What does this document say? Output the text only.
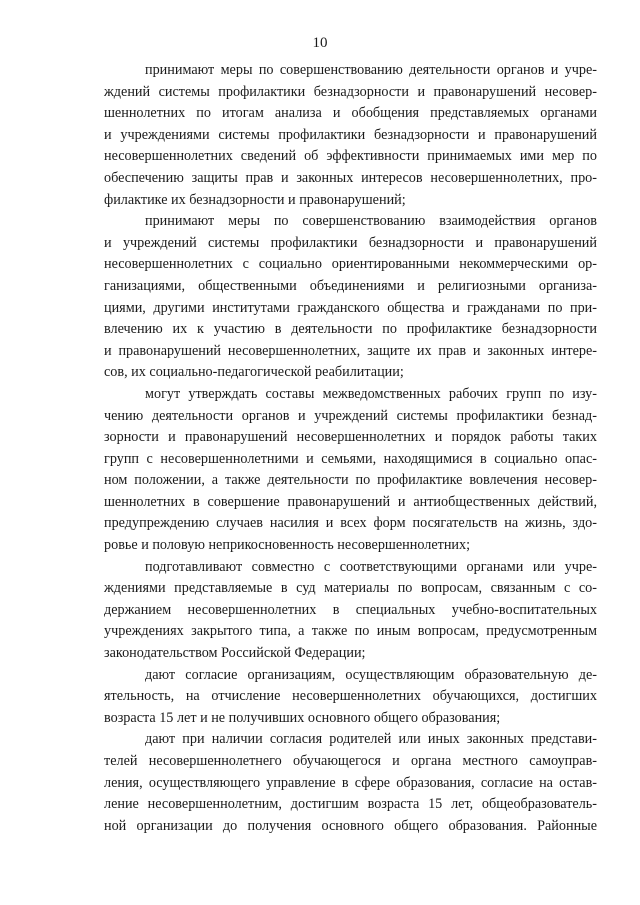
10
принимают меры по совершенствованию деятельности органов и учре-
ждений системы профилактики безнадзорности и правонарушений несовер-
шеннолетних по итогам анализа и обобщения представляемых органами
и учреждениями системы профилактики безнадзорности и правонарушений
несовершеннолетних сведений об эффективности принимаемых ими мер по
обеспечению защиты прав и законных интересов несовершеннолетних, про-
филактике их безнадзорности и правонарушений;
принимают меры по совершенствованию взаимодействия органов
и учреждений системы профилактики безнадзорности и правонарушений
несовершеннолетних с социально ориентированными некоммерческими ор-
ганизациями, общественными объединениями и религиозными организа-
циями, другими институтами гражданского общества и гражданами по при-
влечению их к участию в деятельности по профилактике безнадзорности
и правонарушений несовершеннолетних, защите их прав и законных интере-
сов, их социально-педагогической реабилитации;
могут утверждать составы межведомственных рабочих групп по изу-
чению деятельности органов и учреждений системы профилактики безнад-
зорности и правонарушений несовершеннолетних и порядок работы таких
групп с несовершеннолетними и семьями, находящимися в социально опас-
ном положении, а также деятельности по профилактике вовлечения несовер-
шеннолетних в совершение правонарушений и антиобщественных действий,
предупреждению случаев насилия и всех форм посягательств на жизнь, здо-
ровье и половую неприкосновенность несовершеннолетних;
подготавливают совместно с соответствующими органами или учре-
ждениями представляемые в суд материалы по вопросам, связанным с со-
держанием несовершеннолетних в специальных учебно-воспитательных
учреждениях закрытого типа, а также по иным вопросам, предусмотренным
законодательством Российской Федерации;
дают согласие организациям, осуществляющим образовательную де-
ятельность, на отчисление несовершеннолетних обучающихся, достигших
возраста 15 лет и не получивших основного общего образования;
дают при наличии согласия родителей или иных законных представи-
телей несовершеннолетнего обучающегося и органа местного самоуправ-
ления, осуществляющего управление в сфере образования, согласие на остав-
ление несовершеннолетним, достигшим возраста 15 лет, общеобразователь-
ной организации до получения основного общего образования. Районные
